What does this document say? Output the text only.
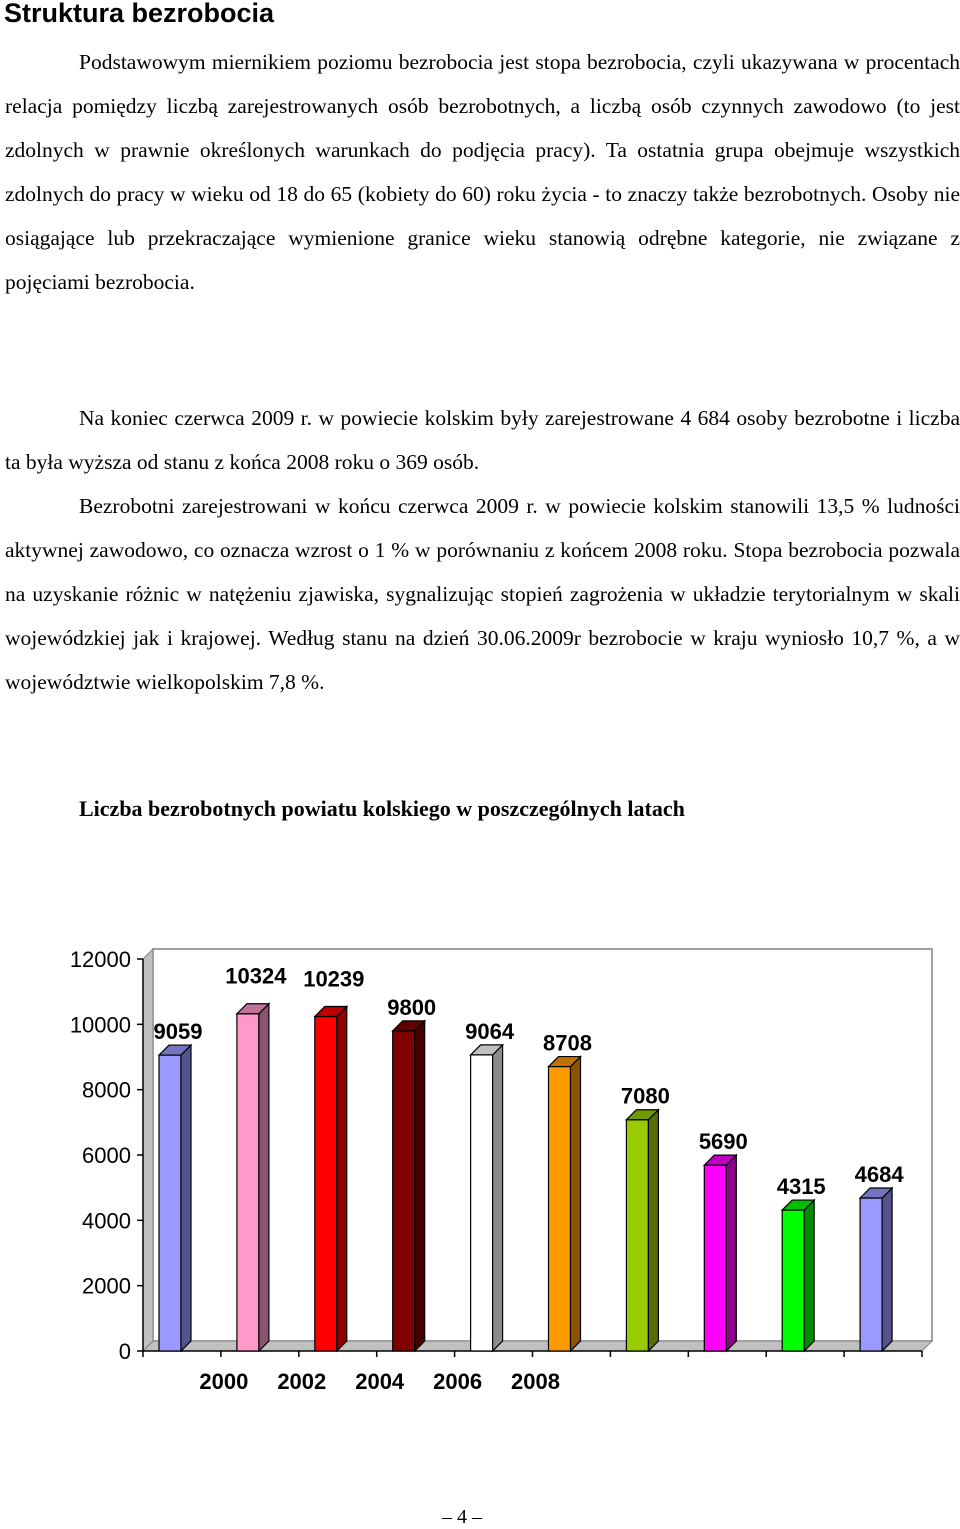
Struktura bezrobocia

Podstawowym miernikiem poziomu bezrobocia jest stopa bezrobocia, czyli ukazywana w procentach relacja pomiędzy liczbą zarejestrowanych osób bezrobotnych, a liczbą osób czynnych zawodowo (to jest zdolnych w prawnie określonych warunkach do podjęcia pracy). Ta ostatnia grupa obejmuje wszystkich zdolnych do pracy w wieku od 18 do 65 (kobiety do 60) roku życia - to znaczy także bezrobotnych. Osoby nie osiągające lub przekraczające wymienione granice wieku stanowią odrębne kategorie, nie związane z pojęciami bezrobocia.

Na koniec czerwca 2009 r. w powiecie kolskim były zarejestrowane 4 684 osoby bezrobotne i liczba ta była wyższa od stanu z końca 2008 roku o 369 osób.

Bezrobotni zarejestrowani w końcu czerwca 2009 r. w powiecie kolskim stanowili 13,5 % ludności aktywnej zawodowo, co oznacza wzrost o 1 % w porównaniu z końcem 2008 roku. Stopa bezrobocia pozwala na uzyskanie różnic w natężeniu zjawiska, sygnalizując stopień zagrożenia w układzie terytorialnym w skali wojewódzkiej jak i krajowej. Według stanu na dzień 30.06.2009r bezrobocie w kraju wyniosło 10,7 %, a w województwie wielkopolskim 7,8 %.

Liczba bezrobotnych powiatu kolskiego w poszczególnych latach
0
2000
4000
6000
8000
10000
12000
2000 2002 2004 2006 2008
9059
10324 10239
9800
9064 8708
7080
5690
4315 4684
– 4 –
